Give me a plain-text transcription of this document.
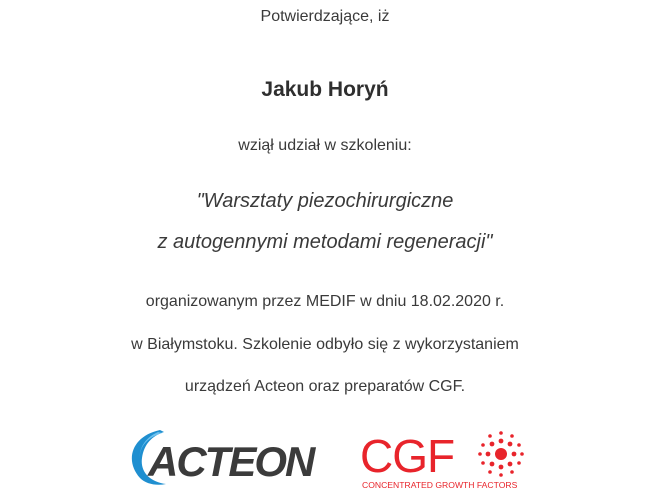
Potwierdzające, iż
Jakub Horyń
wziął udział w szkoleniu:
"Warsztaty piezochirurgiczne
z autogennymi metodami regeneracji"
organizowanym przez MEDIF w dniu 18.02.2020 r.
w Białymstoku. Szkolenie odbyło się z wykorzystaniem
urządzeń Acteon oraz preparatów CGF.
ACTEON CGF
CONCENTRATED GROWTH FACTORS
